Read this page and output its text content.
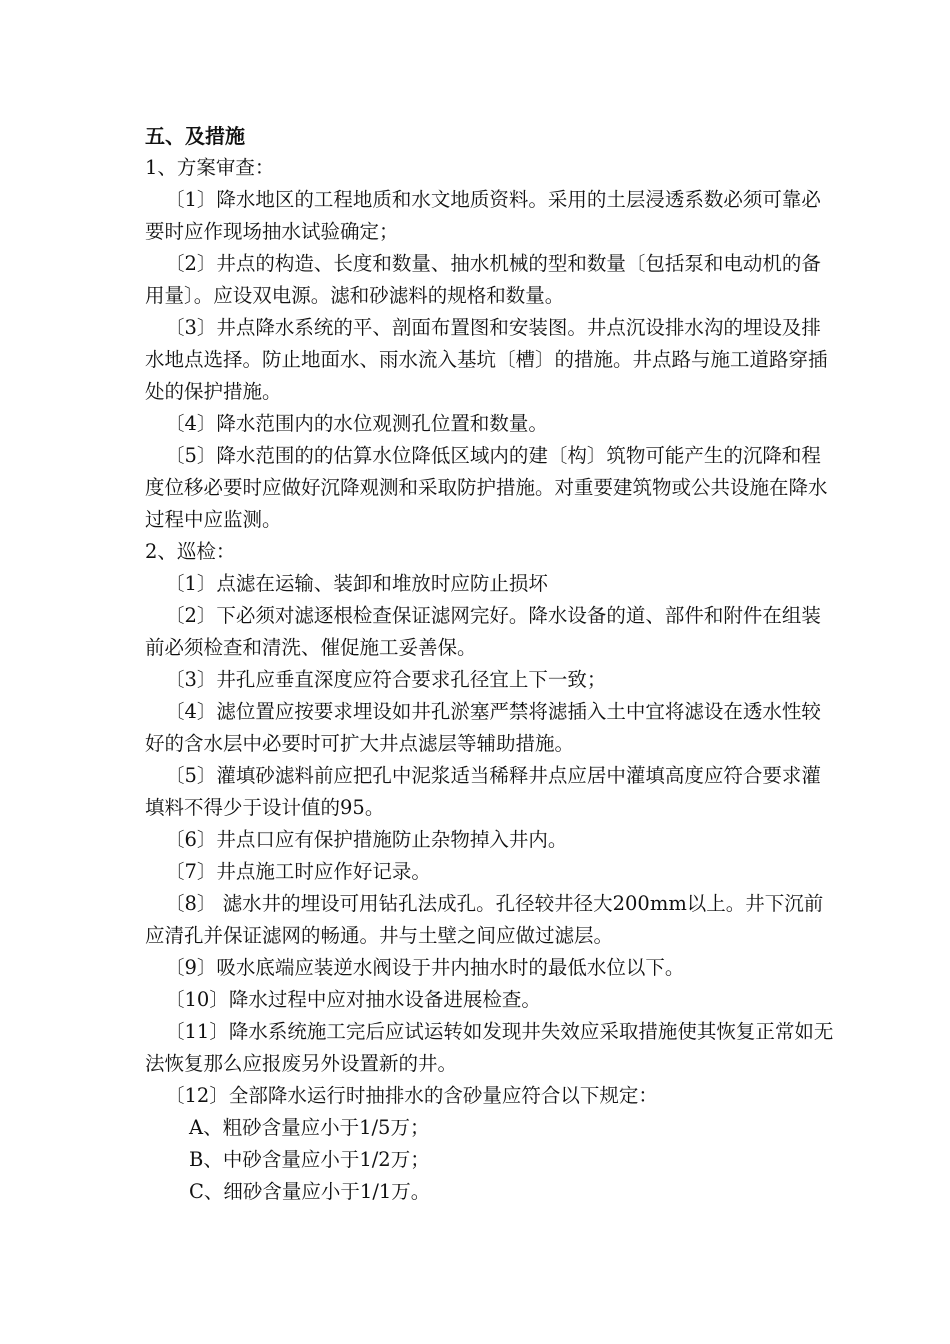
五、及措施
1、方案审查：
〔1〕降水地区的工程地质和水文地质资料。采用的土层浸透系数必须可靠必要时应作现场抽水试验确定；
〔2〕井点的构造、长度和数量、抽水机械的型和数量〔包括泵和电动机的备用量〕。应设双电源。滤和砂滤料的规格和数量。
〔3〕井点降水系统的平、剖面布置图和安装图。井点沉设排水沟的埋设及排水地点选择。防止地面水、雨水流入基坑〔槽〕的措施。井点路与施工道路穿插处的保护措施。
〔4〕降水范围内的水位观测孔位置和数量。
〔5〕降水范围的的估算水位降低区域内的建〔构〕筑物可能产生的沉降和程度位移必要时应做好沉降观测和采取防护措施。对重要建筑物或公共设施在降水过程中应监测。
2、巡检：
〔1〕点滤在运输、装卸和堆放时应防止损坏
〔2〕下必须对滤逐根检查保证滤网完好。降水设备的道、部件和附件在组装前必须检查和清洗、催促施工妥善保。
〔3〕井孔应垂直深度应符合要求孔径宜上下一致；
〔4〕滤位置应按要求埋设如井孔淤塞严禁将滤插入土中宜将滤设在透水性较好的含水层中必要时可扩大井点滤层等辅助措施。
〔5〕灌填砂滤料前应把孔中泥浆适当稀释井点应居中灌填高度应符合要求灌填料不得少于设计值的95。
〔6〕井点口应有保护措施防止杂物掉入井内。
〔7〕井点施工时应作好记录。
〔8〕 滤水井的埋设可用钻孔法成孔。孔径较井径大200mm以上。井下沉前应清孔并保证滤网的畅通。井与土壁之间应做过滤层。
〔9〕吸水底端应装逆水阀设于井内抽水时的最低水位以下。
〔10〕降水过程中应对抽水设备进展检查。
〔11〕降水系统施工完后应试运转如发现井失效应采取措施使其恢复正常如无法恢复那么应报废另外设置新的井。
〔12〕全部降水运行时抽排水的含砂量应符合以下规定：
A、粗砂含量应小于1/5万；
B、中砂含量应小于1/2万；
C、细砂含量应小于1/1万。
